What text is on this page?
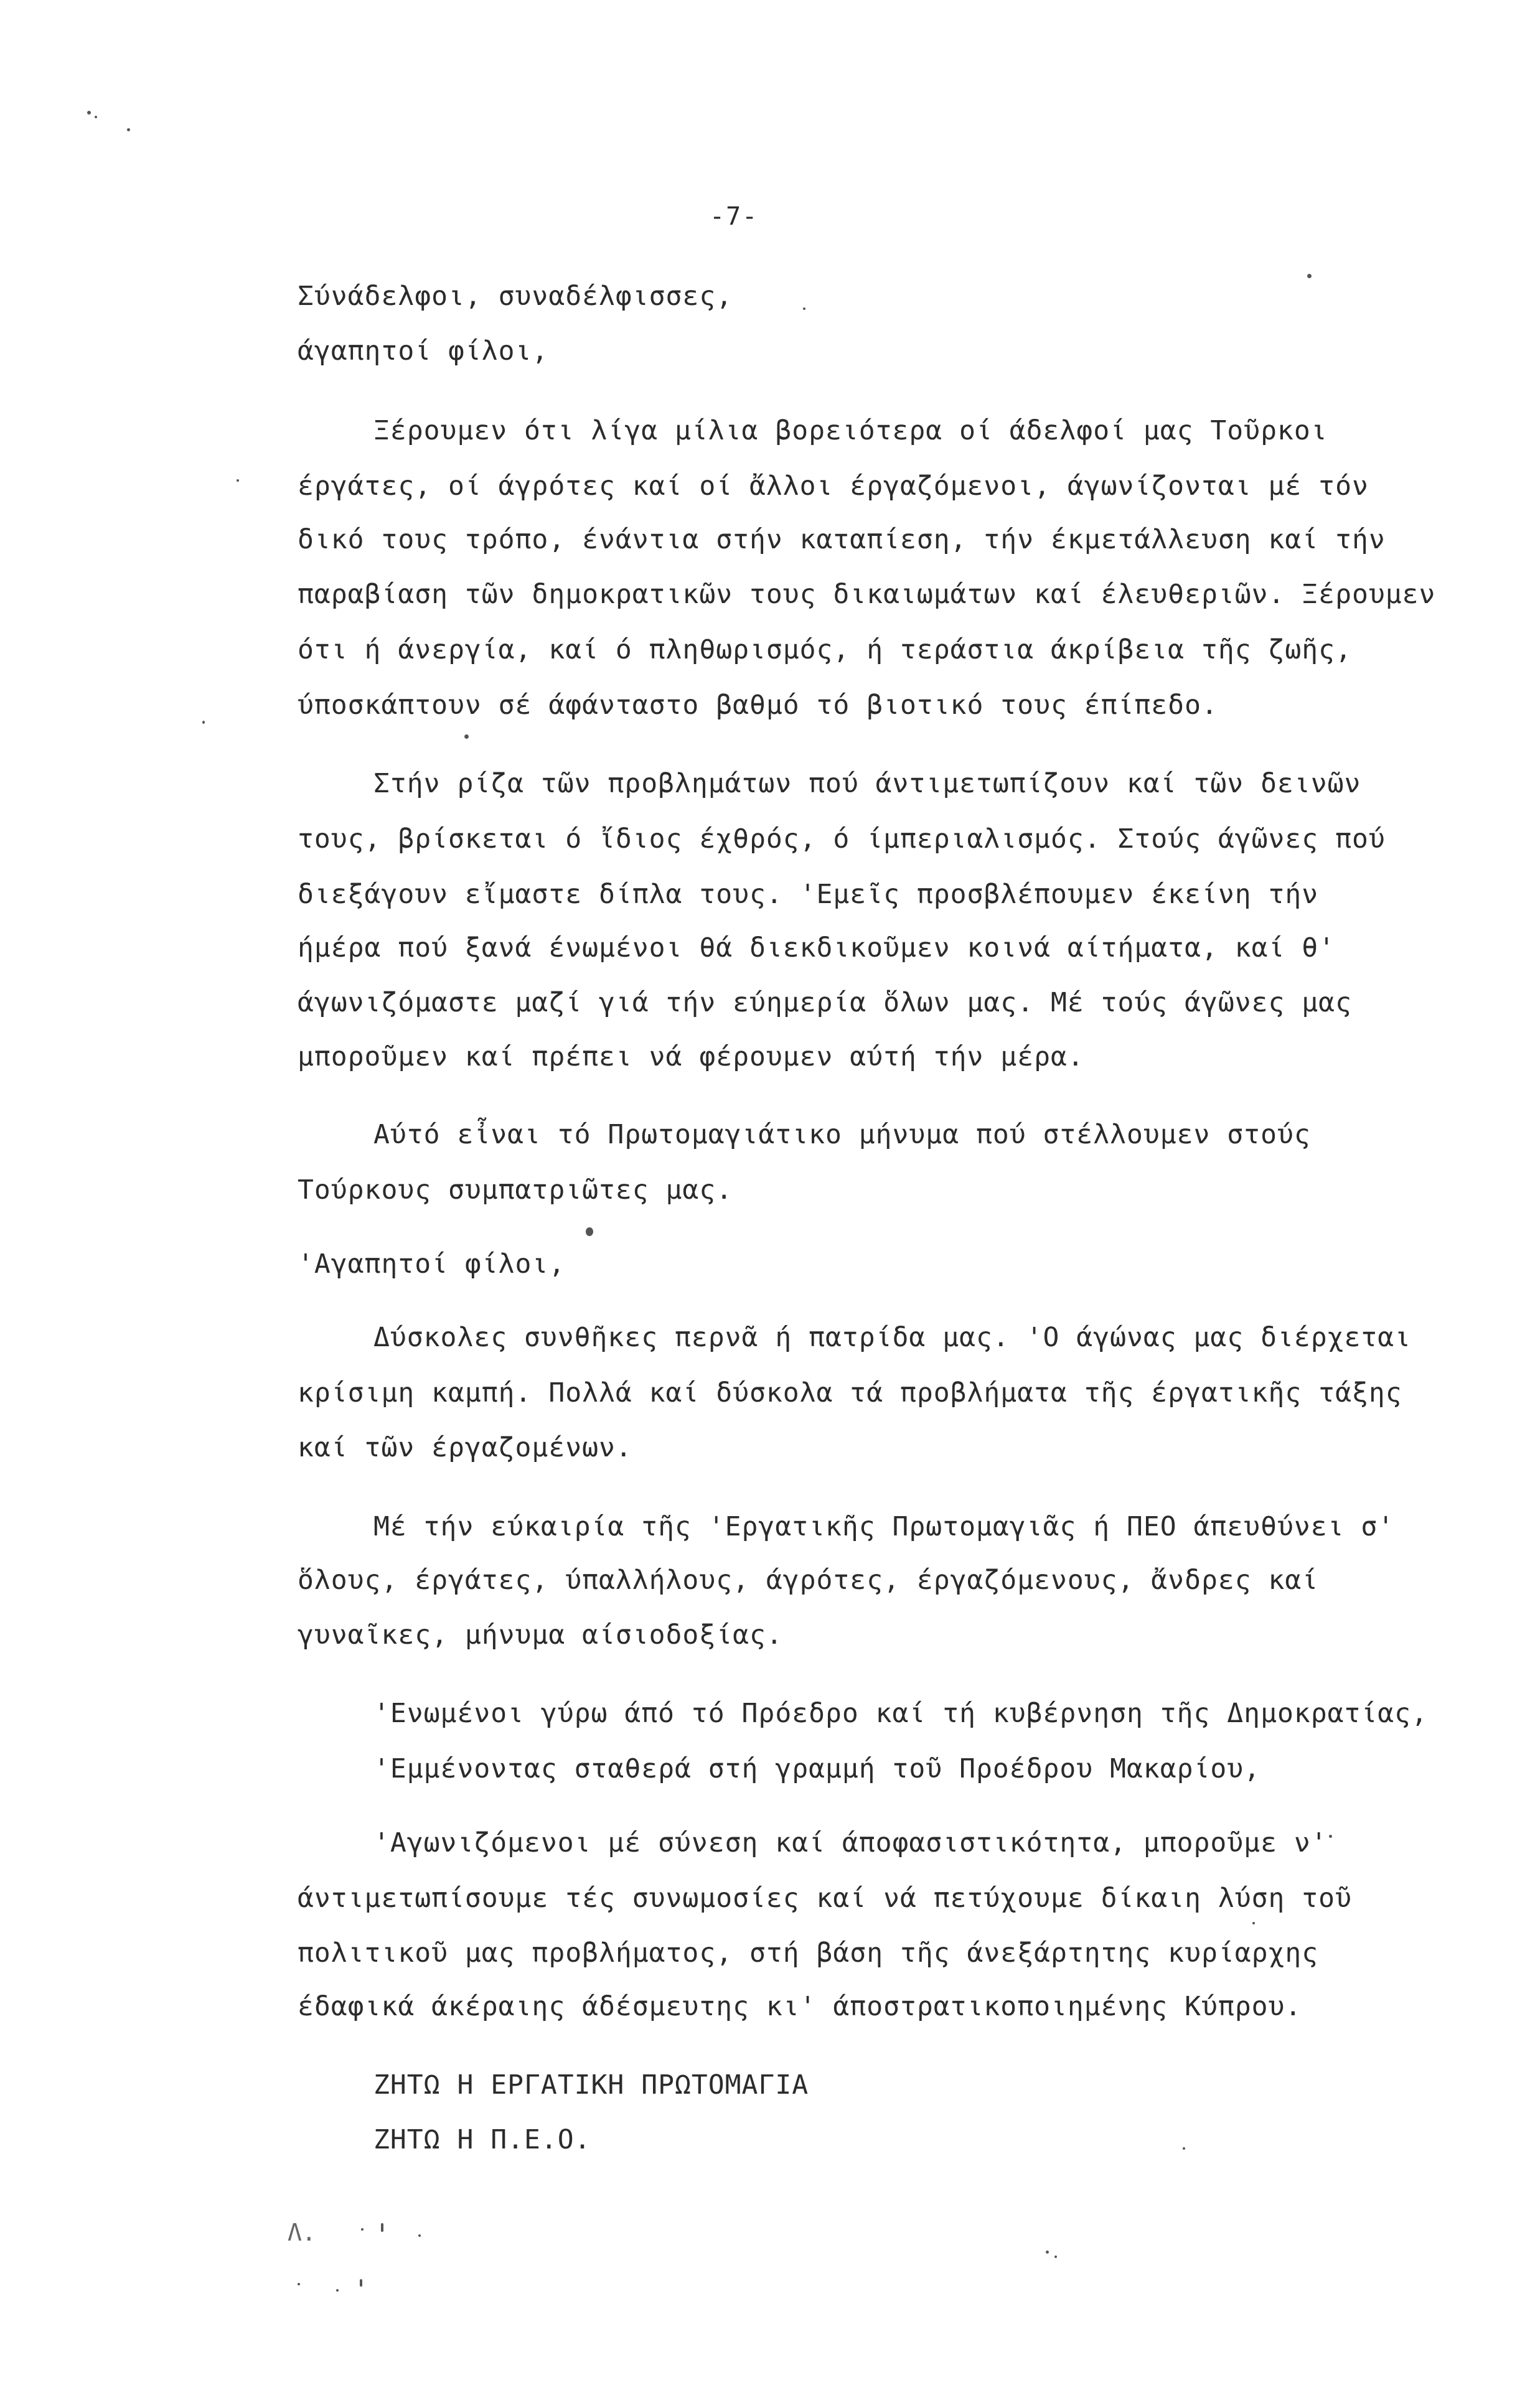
-7-
Σύνάδελφοι, συναδέλφισσες,
άγαπητοί φίλοι,
Ξέρουμεν ότι λίγα μίλια βορειότερα οί άδελφοί μας Τοῦρκοι
έργάτες, οί άγρότες καί οί ἄλλοι έργαζόμενοι, άγωνίζονται μέ τόν
δικό τους τρόπο, ένάντια στήν καταπίεση, τήν έκμετάλλευση καί τήν
παραβίαση τῶν δημοκρατικῶν τους δικαιωμάτων καί έλευθεριῶν. Ξέρουμεν
ότι ή άνεργία, καί ό πληθωρισμός, ή τεράστια άκρίβεια τῆς ζωῆς,
ύποσκάπτουν σέ άφάνταστο βαθμό τό βιοτικό τους έπίπεδο.
Στήν ρίζα τῶν προβλημάτων πού άντιμετωπίζουν καί τῶν δεινῶν
τους, βρίσκεται ό ἴδιος έχθρός, ό ίμπεριαλισμός. Στούς άγῶνες πού
διεξάγουν εἴμαστε δίπλα τους. 'Εμεῖς προσβλέπουμεν έκείνη τήν
ήμέρα πού ξανά ένωμένοι θά διεκδικοῦμεν κοινά αίτήματα, καί θ'
άγωνιζόμαστε μαζί γιά τήν εύημερία ὅλων μας. Μέ τούς άγῶνες μας
μποροῦμεν καί πρέπει νά φέρουμεν αύτή τήν μέρα.
Αύτό εἶναι τό Πρωτομαγιάτικο μήνυμα πού στέλλουμεν στούς
Τούρκους συμπατριῶτες μας.
'Αγαπητοί φίλοι,
Δύσκολες συνθῆκες περνᾶ ή πατρίδα μας. 'Ο άγώνας μας διέρχεται
κρίσιμη καμπή. Πολλά καί δύσκολα τά προβλήματα τῆς έργατικῆς τάξης
καί τῶν έργαζομένων.
Μέ τήν εύκαιρία τῆς 'Εργατικῆς Πρωτομαγιᾶς ή ΠΕΟ άπευθύνει σ'
ὅλους, έργάτες, ύπαλλήλους, άγρότες, έργαζόμενους, ἄνδρες καί
γυναῖκες, μήνυμα αίσιοδοξίας.
'Ενωμένοι γύρω άπό τό Πρόεδρο καί τή κυβέρνηση τῆς Δημοκρατίας,
'Εμμένοντας σταθερά στή γραμμή τοῦ Προέδρου Μακαρίου,
'Αγωνιζόμενοι μέ σύνεση καί άποφασιστικότητα, μποροῦμε ν'
άντιμετωπίσουμε τές συνωμοσίες καί νά πετύχουμε δίκαιη λύση τοῦ
πολιτικοῦ μας προβλήματος, στή βάση τῆς άνεξάρτητης κυρίαρχης
έδαφικά άκέραιης άδέσμευτης κι' άποστρατικοποιημένης Κύπρου.
ΖΗΤΩ Η ΕΡΓΑΤΙΚΗ ΠΡΩΤΟΜΑΓΙΑ
ΖΗΤΩ Η Π.Ε.Ο.
Λ.
